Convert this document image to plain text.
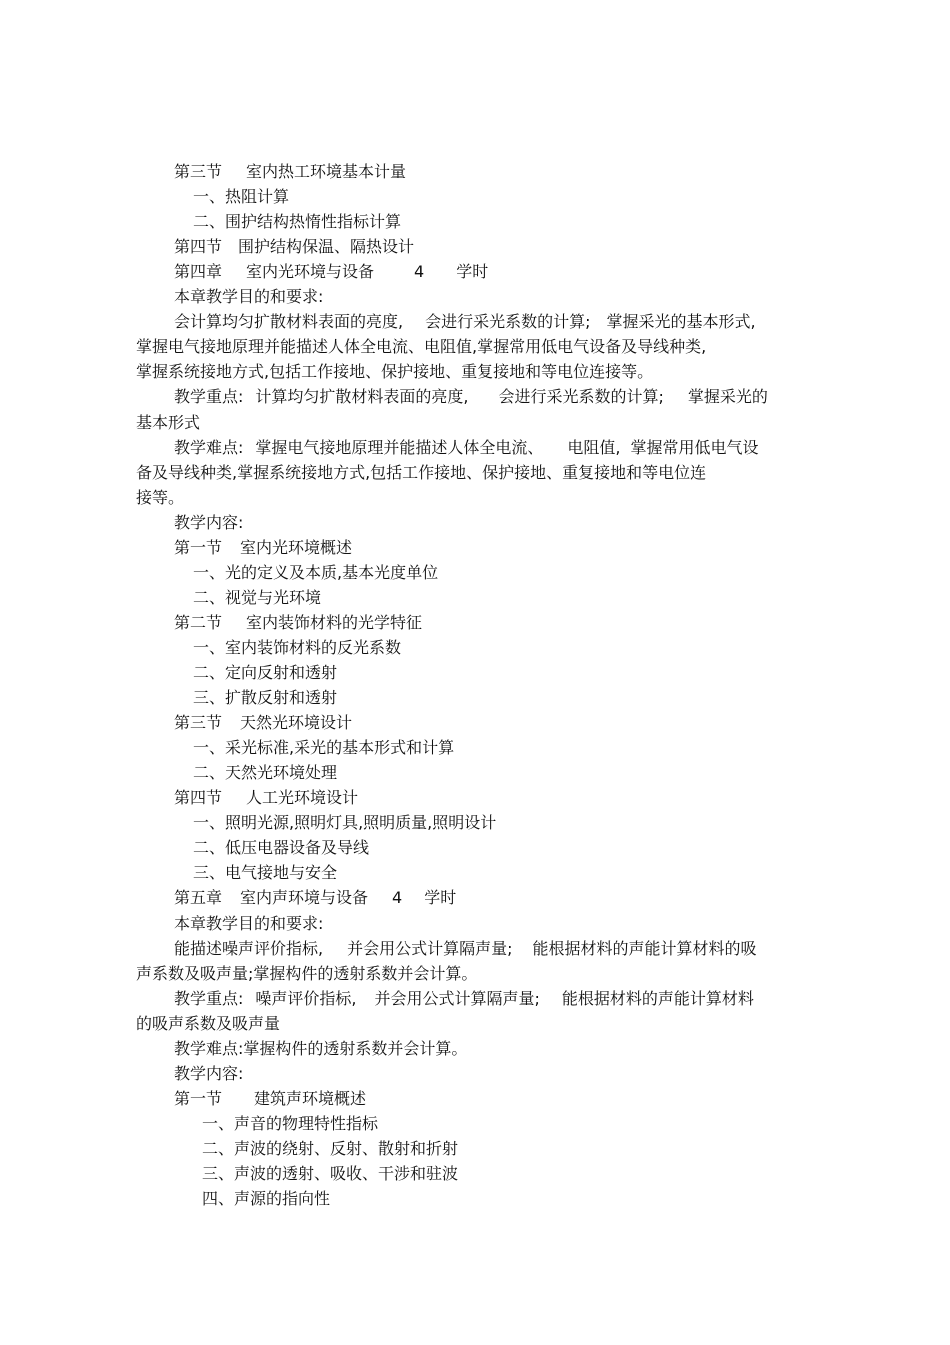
第三节 室内热工环境基本计量
一、热阻计算
二、围护结构热惰性指标计算
第四节 围护结构保温、隔热设计
第四章 室内光环境与设备	4 学时
本章教学目的和要求:
会计算均匀扩散材料表面的亮度, 会进行采光系数的计算; 掌握采光的基本形式,
掌握电气接地原理并能描述人体全电流、电阻值,掌握常用低电气设备及导线种类,
掌握系统接地方式,包括工作接地、保护接地、重复接地和等电位连接等。
教学重点: 计算均匀扩散材料表面的亮度, 会进行采光系数的计算; 掌握采光的
基本形式
教学难点: 掌握电气接地原理并能描述人体全电流、 电阻值, 掌握常用低电气设
备及导线种类,掌握系统接地方式,包括工作接地、保护接地、重复接地和等电位连
接等。
教学内容:
第一节 室内光环境概述
一、光的定义及本质,基本光度单位
二、视觉与光环境
第二节 室内装饰材料的光学特征
一、室内装饰材料的反光系数
二、定向反射和透射
三、扩散反射和透射
第三节 天然光环境设计
一、采光标准,采光的基本形式和计算
二、天然光环境处理
第四节 人工光环境设计
一、照明光源,照明灯具,照明质量,照明设计
二、低压电器设备及导线
三、电气接地与安全
第五章 室内声环境与设备 4 学时
本章教学目的和要求:
能描述噪声评价指标, 并会用公式计算隔声量; 能根据材料的声能计算材料的吸
声系数及吸声量;掌握构件的透射系数并会计算。
教学重点: 噪声评价指标, 并会用公式计算隔声量; 能根据材料的声能计算材料
的吸声系数及吸声量
教学难点:掌握构件的透射系数并会计算。
教学内容:
第一节 建筑声环境概述
一、声音的物理特性指标
二、声波的绕射、反射、散射和折射
三、声波的透射、吸收、干涉和驻波
四、声源的指向性
